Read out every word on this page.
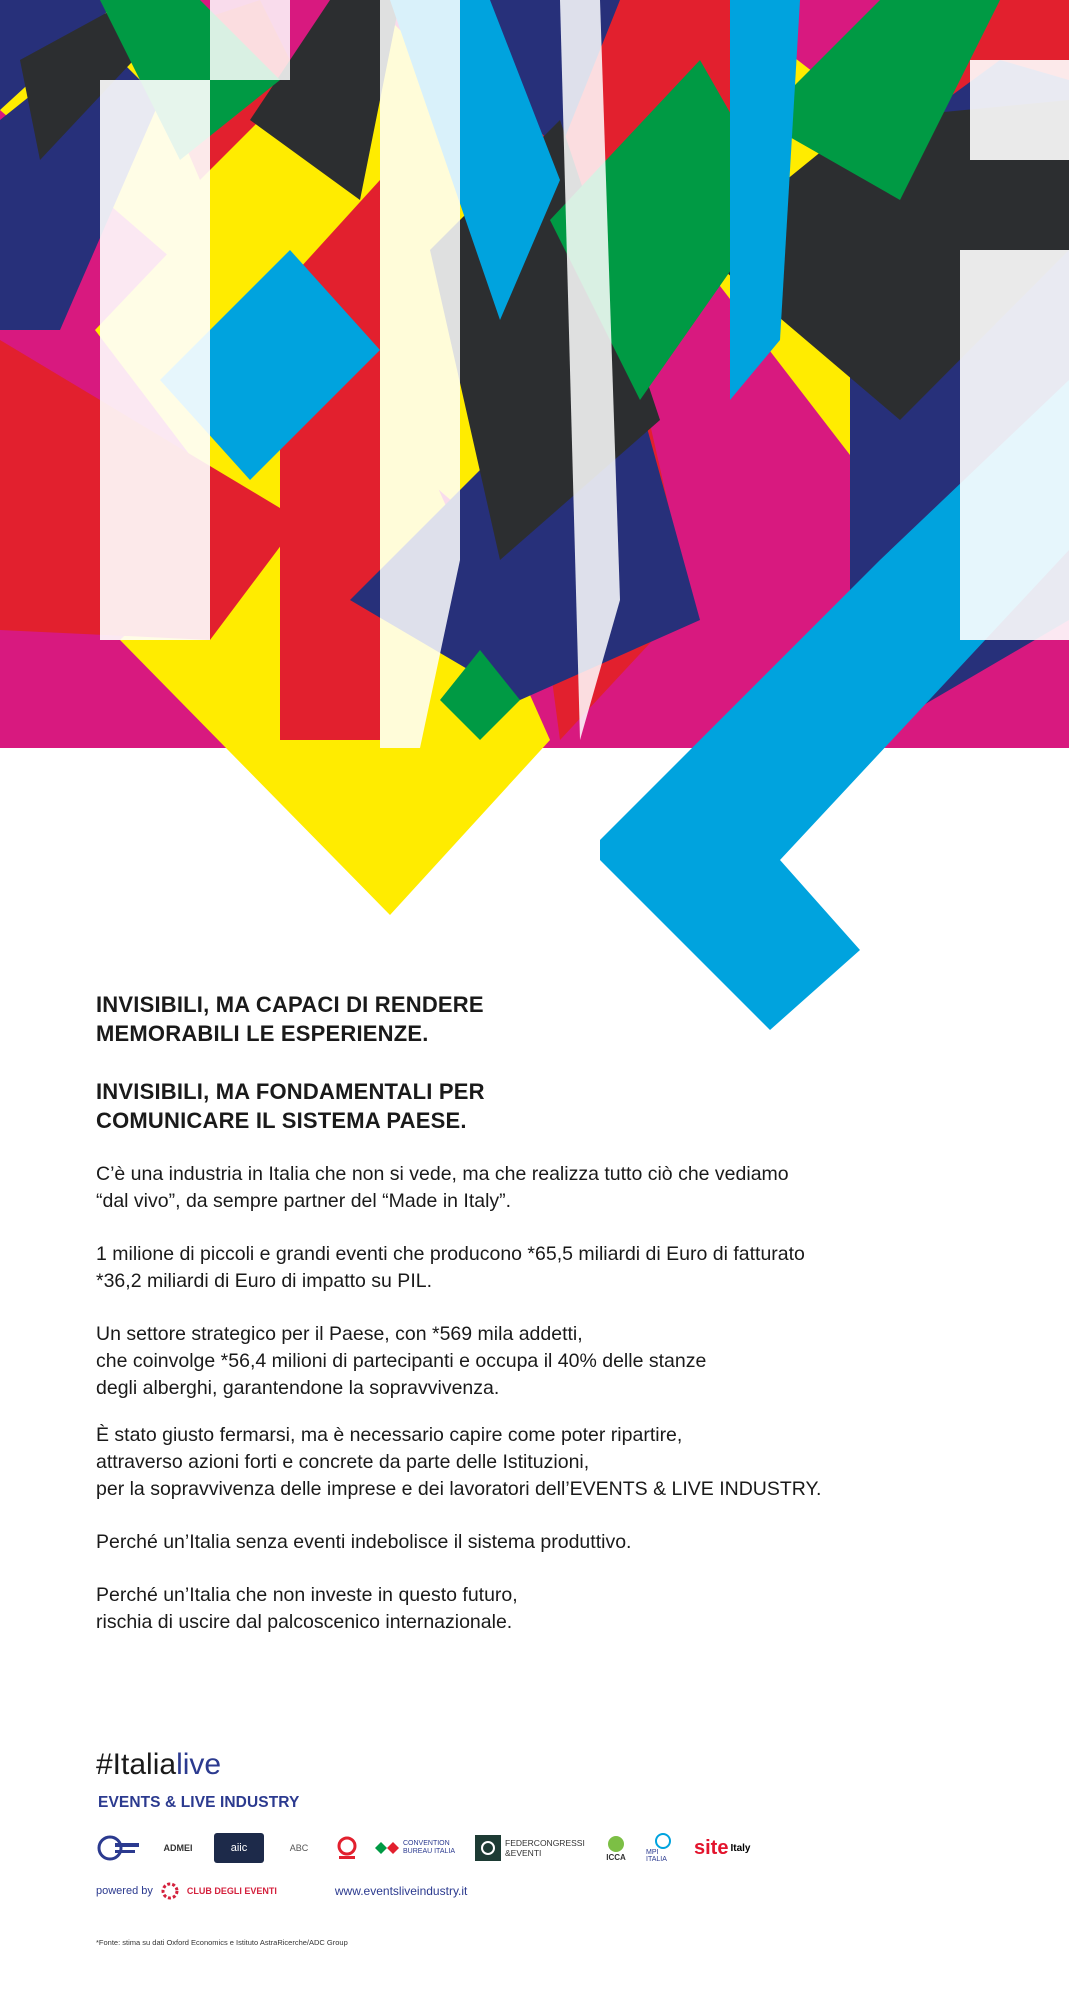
INVISIBILI, MA CAPACI DI RENDERE
MEMORABILI LE ESPERIENZE.
INVISIBILI, MA FONDAMENTALI PER
COMUNICARE IL SISTEMA PAESE.

C’è una industria in Italia che non si vede, ma che realizza tutto ciò che vediamo
“dal vivo”, da sempre partner del “Made in Italy”.

1 milione di piccoli e grandi eventi che producono *65,5 miliardi di Euro di fatturato
*36,2 miliardi di Euro di impatto su PIL.

Un settore strategico per il Paese, con *569 mila addetti,
che coinvolge *56,4 milioni di partecipanti e occupa il 40% delle stanze
degli alberghi, garantendone la sopravvivenza.

È stato giusto fermarsi, ma è necessario capire come poter ripartire,
attraverso azioni forti e concrete da parte delle Istituzioni,
per la sopravvivenza delle imprese e dei lavoratori dell’EVENTS & LIVE INDUSTRY.

Perché un’Italia senza eventi indebolisce il sistema produttivo.

Perché un’Italia che non investe in questo futuro,
rischia di uscire dal palcoscenico internazionale.

#Italialive
EVENTS & LIVE INDUSTRY
ADMEI	aiic	ABC	CONVENTION BUREAU ITALIA
FEDERCONGRESSI &EVENTI	ICCA	MPI ITALIA
site Italy
powered by	CLUB DEGLI EVENTI	www.eventsliveindustry.it
*Fonte: stima su dati Oxford Economics e Istituto AstraRicerche/ADC Group
